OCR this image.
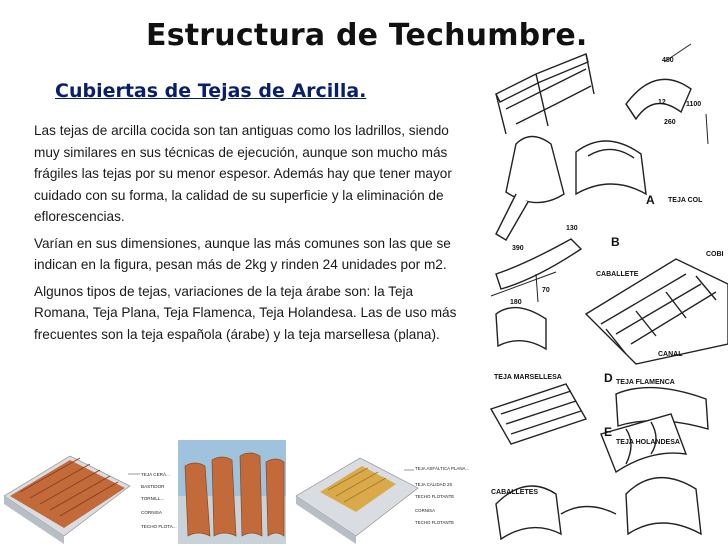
Estructura de Techumbre.
Cubiertas de Tejas de Arcilla.

Las tejas de arcilla cocida son tan antiguas como los ladrillos, siendo muy similares en sus técnicas de ejecución, aunque son mucho más frágiles las tejas por su menor espesor. Además hay que tener mayor cuidado con su forma, la calidad de su superficie y la eliminación de eflorescencias.

Varían en sus dimensiones, aunque las más comunes son las que se indican en la figura, pesan más de 2kg y rinden 24 unidades por m2.

Algunos tipos de tejas, variaciones de la teja árabe son: la Teja Romana, Teja Plana, Teja Flamenca, Teja Holandesa. Las de uso más frecuentes son la teja española (árabe) y la teja marsellesa (plana).

450
12	1100
260
A TEJA COL
B
130
390
70
180
CABALLETE
COBI
CANAL
TEJA MARSELLESA	D TEJA FLAMENCA
E
TEJA HOLANDESA
CABALLETES
TEJA CERÁ...
BASTIDOR
TORNILL...
CORNISA
TECHO FLOTA...
TEJA ASFÁLTICA PLANA...
TEJA CALIDAD 2S
TECHO FLOTANTE
CORNISA
TECHO FLOTANTE
